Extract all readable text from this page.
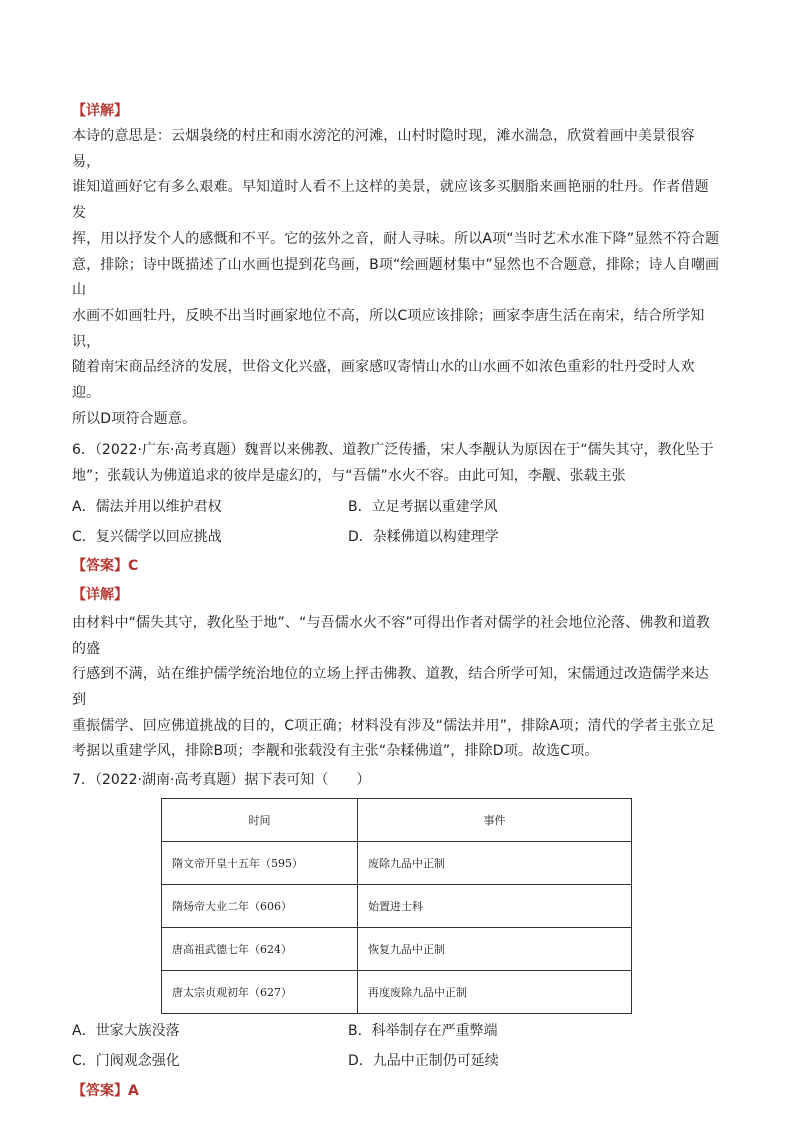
【详解】
本诗的意思是：云烟袅绕的村庄和雨水滂沱的河滩，山村时隐时现，滩水湍急，欣赏着画中美景很容易，
谁知道画好它有多么艰难。早知道时人看不上这样的美景，就应该多买胭脂来画艳丽的牡丹。作者借题发
挥，用以抒发个人的感慨和不平。它的弦外之音，耐人寻味。所以A项“当时艺术水准下降”显然不符合题
意，排除；诗中既描述了山水画也提到花鸟画，B项“绘画题材集中”显然也不合题意，排除；诗人自嘲画山
水画不如画牡丹，反映不出当时画家地位不高，所以C项应该排除；画家李唐生活在南宋，结合所学知识，
随着南宋商品经济的发展，世俗文化兴盛，画家感叹寄情山水的山水画不如浓色重彩的牡丹受时人欢迎。
所以D项符合题意。
6．（2022·广东·高考真题）魏晋以来佛教、道教广泛传播，宋人李觏认为原因在于“儒失其守，教化坠于
地”；张载认为佛道追求的彼岸是虚幻的，与“吾儒”水火不容。由此可知，李觏、张载主张
A．儒法并用以维护君权	B．立足考据以重建学风
C．复兴儒学以回应挑战	D．杂糅佛道以构建理学
【答案】C
【详解】
由材料中“儒失其守，教化坠于地”、“与吾儒水火不容”可得出作者对儒学的社会地位沦落、佛教和道教的盛
行感到不满，站在维护儒学统治地位的立场上抨击佛教、道教，结合所学可知，宋儒通过改造儒学来达到
重振儒学、回应佛道挑战的目的，C项正确；材料没有涉及“儒法并用”，排除A项；清代的学者主张立足
考据以重建学风，排除B项；李觏和张载没有主张“杂糅佛道”，排除D项。故选C项。
7．（2022·湖南·高考真题）据下表可知（　　）
时间	事件
隋文帝开皇十五年（595）	废除九品中正制
隋炀帝大业二年（606）	始置进士科
唐高祖武德七年（624）	恢复九品中正制
唐太宗贞观初年（627）	再度废除九品中正制
A．世家大族没落	B．科举制存在严重弊端
C．门阀观念强化	D．九品中正制仍可延续
【答案】A
